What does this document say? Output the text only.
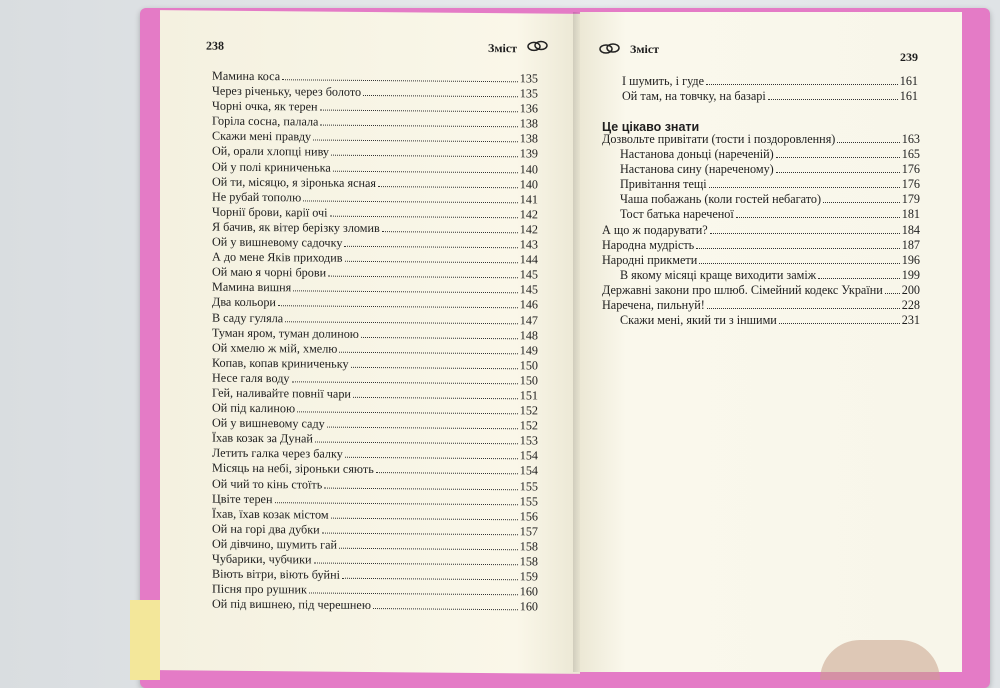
238	Зміст
Мамина коса	135
Через річеньку, через болото	135
Чорні очка, як терен	136
Горіла сосна, палала	138
Скажи мені правду	138
Ой, орали хлопці ниву	139
Ой у полі криниченька	140
Ой ти, місяцю, я зіронька ясная	140
Не рубай тополю	141
Чорнії брови, карії очі	142
Я бачив, як вітер берізку зломив	142
Ой у вишневому садочку	143
А до мене Яків приходив	144
Ой маю я чорні брови	145
Мамина вишня	145
Два кольори	146
В саду гуляла	147
Туман яром, туман долиною	148
Ой хмелю ж мій, хмелю	149
Копав, копав криниченьку	150
Несе галя воду	150
Гей, наливайте повнії чари	151
Ой під калиною	152
Ой у вишневому саду	152
Їхав козак за Дунай	153
Летить галка через балку	154
Місяць на небі, зіроньки сяють	154
Ой чий то кінь стоїть	155
Цвіте терен	155
Їхав, їхав козак містом	156
Ой на горі два дубки	157
Ой дівчино, шумить гай	158
Чубарики, чубчики	158
Віють вітри, віють буйні	159
Пісня про рушник	160
Ой під вишнею, під черешнею	160
Зміст
239
І шумить, і гуде	161
Ой там, на товчку, на базарі	161
Це цікаво знати
Дозвольте привітати (тости і поздоровлення)	163
Настанова доньці (нареченій)	165
Настанова сину (нареченому)	176
Привітання тещі	176
Чаша побажань (коли гостей небагато)	179
Тост батька нареченої	181
А що ж подарувати?	184
Народна мудрість	187
Народні прикмети	196
В якому місяці краще виходити заміж	199
Державні закони про шлюб. Сімейний кодекс України 200
Наречена, пильнуй!	228
Скажи мені, який ти з іншими	231
